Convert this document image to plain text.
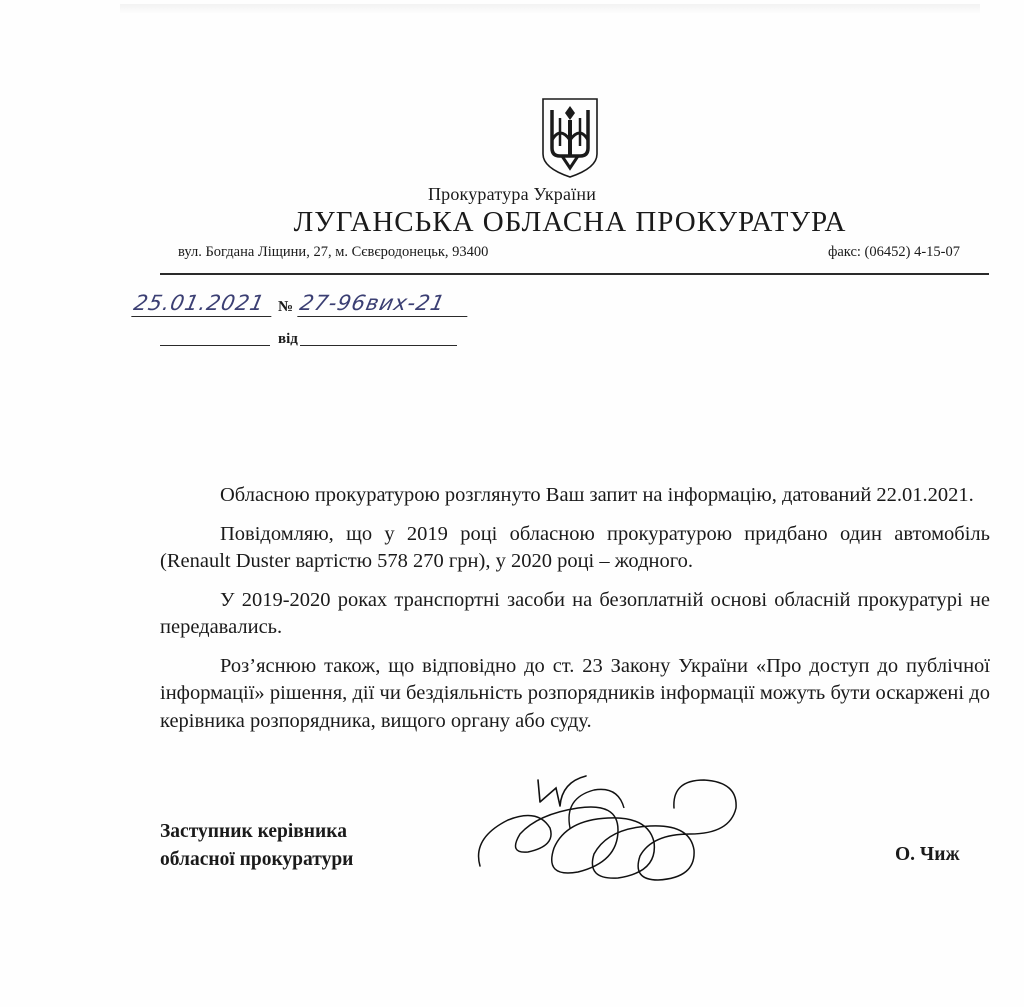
Прокуратура України
ЛУГАНСЬКА ОБЛАСНА ПРОКУРАТУРА
вул. Богдана Ліщини, 27, м. Сєвєродонецьк, 93400	факс: (06452) 4-15-07
25.01.2021 № 27-96вих-21
від

Обласною прокуратурою розглянуто Ваш запит на інформацію, датований 22.01.2021.

Повідомляю, що у 2019 році обласною прокуратурою придбано один автомобіль (Renault Duster вартістю 578 270 грн), у 2020 році – жодного.

У 2019-2020 роках транспортні засоби на безоплатній основі обласній прокуратурі не передавались.

Роз’яснюю також, що відповідно до ст. 23 Закону України «Про доступ до публічної інформації» рішення, дії чи бездіяльність розпорядників інформації можуть бути оскаржені до керівника розпорядника, вищого органу або суду.

Заступник керівника
обласної прокуратури	О. Чиж
